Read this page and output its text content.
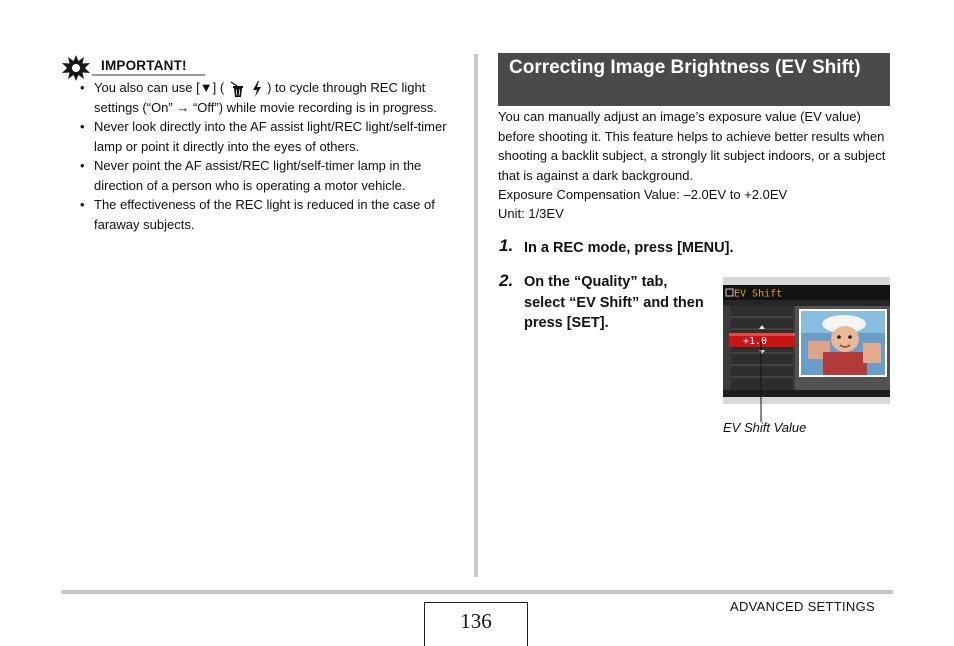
IMPORTANT!
• You also can use [▼] (	) to cycle through REC light settings (“On” → “Off”) while movie recording is in progress.
• Never look directly into the AF assist light/REC light/self-timer lamp or point it directly into the eyes of others.
• Never point the AF assist/REC light/self-timer lamp in the direction of a person who is operating a motor vehicle.
• The effectiveness of the REC light is reduced in the case of faraway subjects.
Correcting Image Brightness (EV Shift)
You can manually adjust an image’s exposure value (EV value) before shooting it. This feature helps to achieve better results when shooting a backlit subject, a strongly lit subject indoors, or a subject that is against a dark background.
Exposure Compensation Value: –2.0EV to +2.0EV
Unit: 1/3EV
1. In a REC mode, press [MENU].
2. On the “Quality” tab, select “EV Shift” and then press [SET].
EV Shift
+1.0
EV Shift Value
136
ADVANCED SETTINGS
